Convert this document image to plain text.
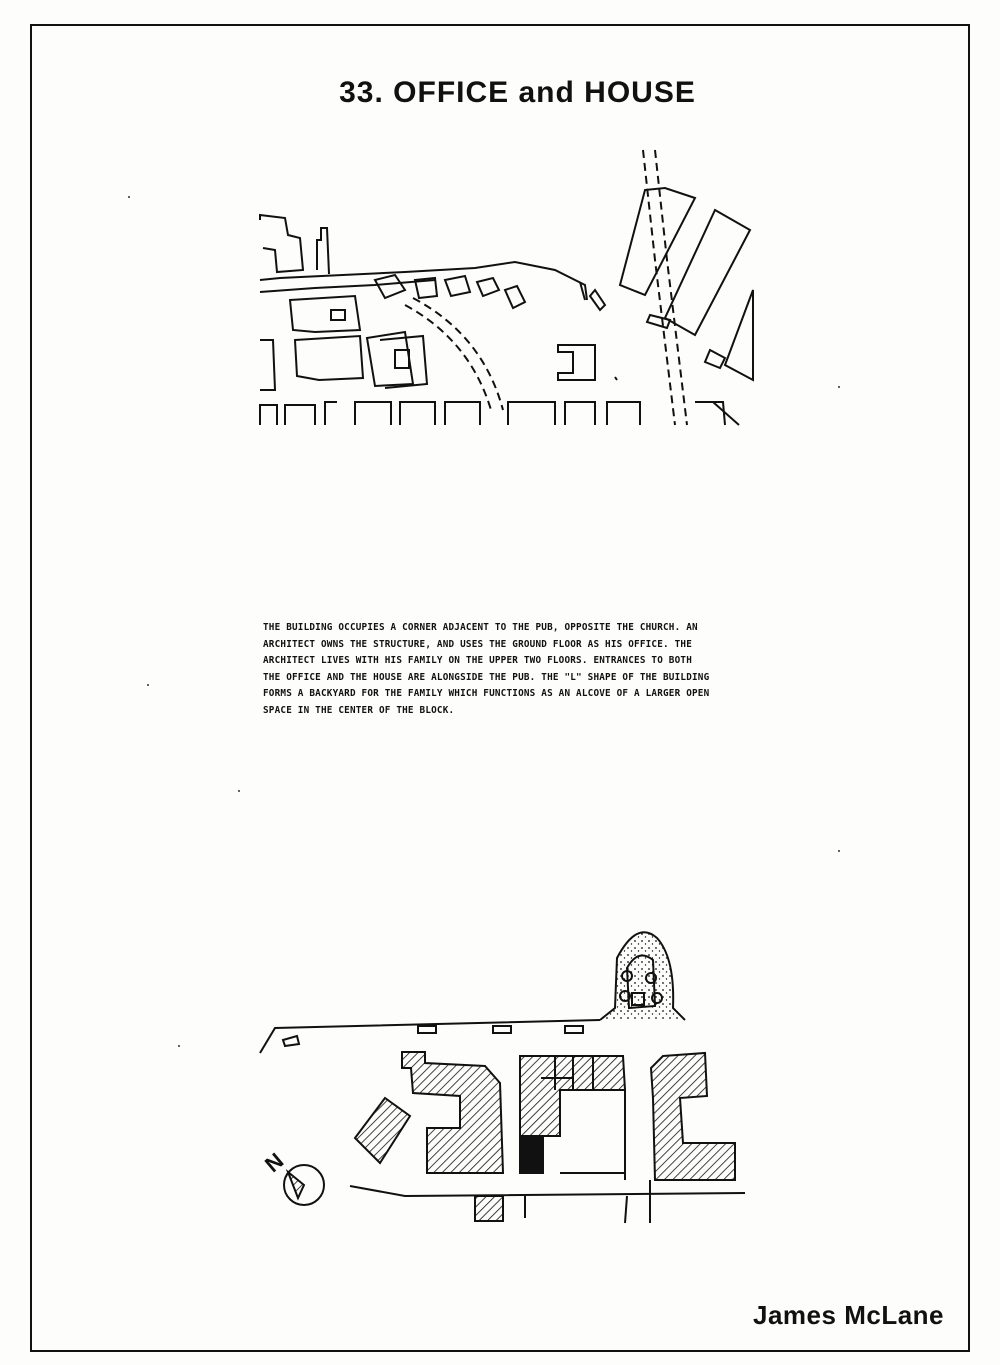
33. OFFICE and HOUSE
THE BUILDING OCCUPIES A CORNER ADJACENT TO THE PUB, OPPOSITE THE CHURCH. AN
ARCHITECT OWNS THE STRUCTURE, AND USES THE GROUND FLOOR AS HIS OFFICE. THE
ARCHITECT LIVES WITH HIS FAMILY ON THE UPPER TWO FLOORS. ENTRANCES TO BOTH
THE OFFICE AND THE HOUSE ARE ALONGSIDE THE PUB. THE "L" SHAPE OF THE BUILDING
FORMS A BACKYARD FOR THE FAMILY WHICH FUNCTIONS AS AN ALCOVE OF A LARGER OPEN
SPACE IN THE CENTER OF THE BLOCK.
N

James McLane
